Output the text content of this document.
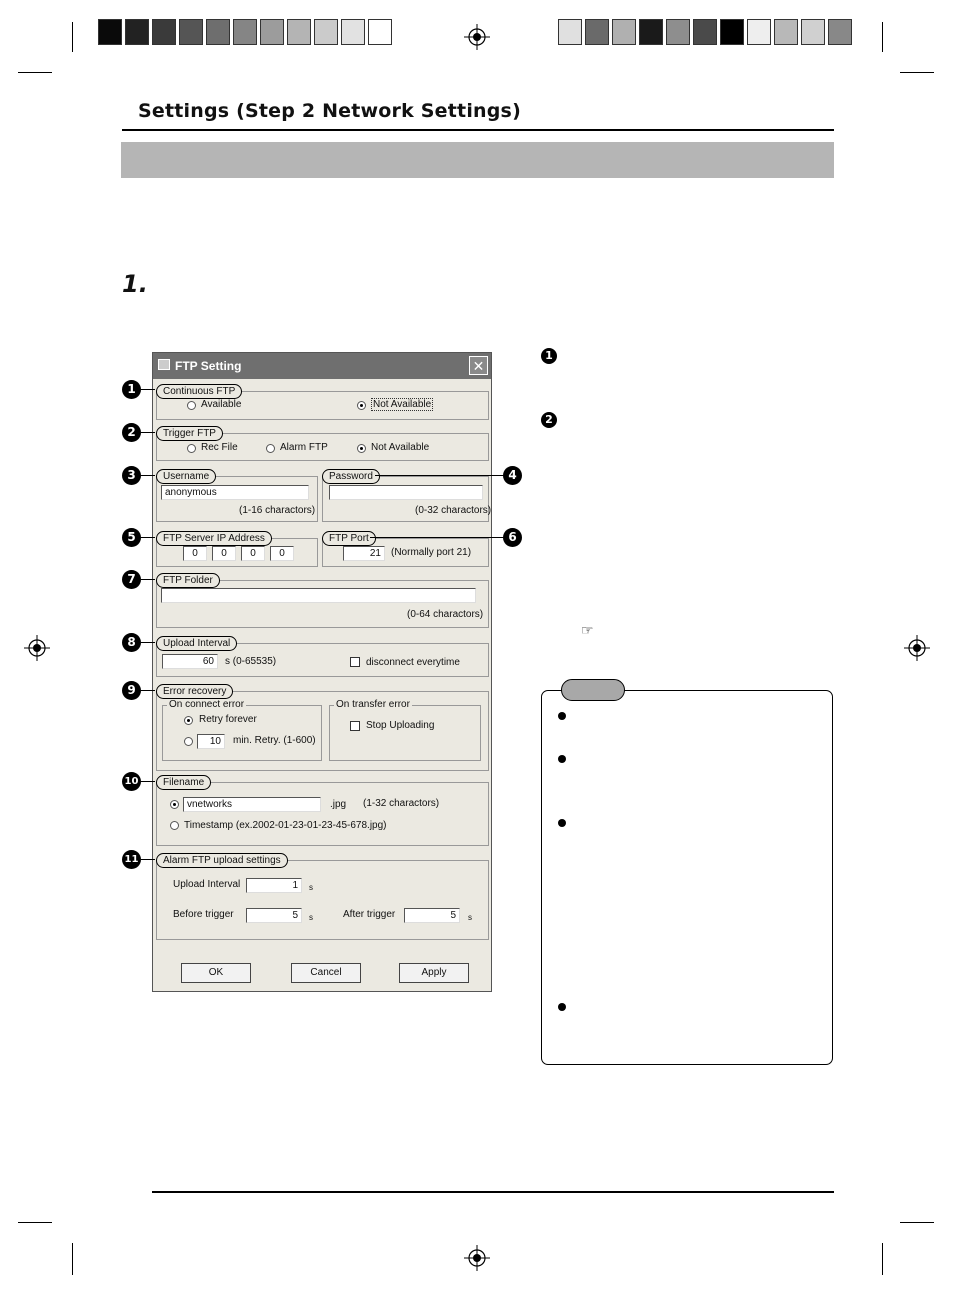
Settings (Step 2 Network Settings)
1.
FTP Setting	✕
Continuous FTP
Available	Not Available
Trigger FTP
Rec File	Alarm FTP	Not Available
Username
anonymous
(1-16 charactors)
Password
(0-32 charactors)
FTP Server IP Address
0	0	0	0
FTP Port
21	(Normally port 21)
FTP Folder
(0-64 charactors)
Upload Interval
60	s (0-65535)	disconnect everytime
Error recovery
On connect error
Retry forever
10	min. Retry. (1-600)
On transfer error
Stop Uploading
Filename
vnetworks	.jpg (1-32 charactors)
Timestamp (ex.2002-01-23-01-23-45-678.jpg)
Alarm FTP upload settings
Upload Interval	1	s
Before trigger	5	s	After trigger	5	s
OK	Cancel	Apply
1
2
3	4
5	6
7
8
9
10
11
1
2
☞
